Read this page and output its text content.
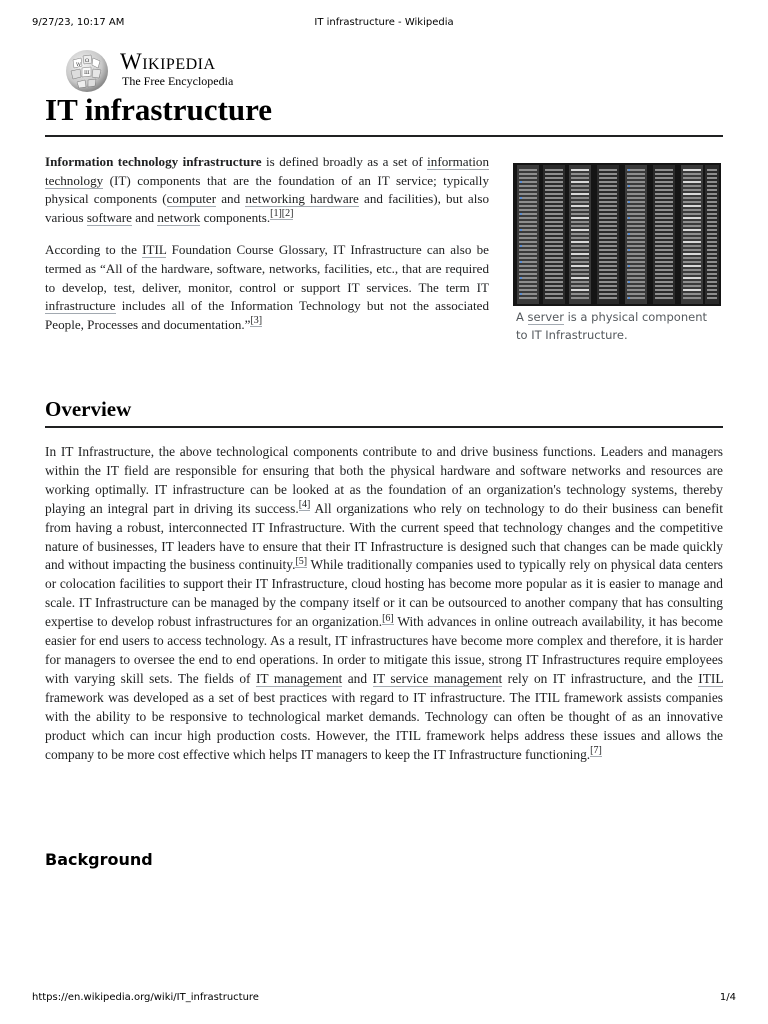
9/27/23, 10:17 AM	IT infrastructure - Wikipedia
W
Ω
Ш Wikipedia
The Free Encyclopedia
IT infrastructure

Information technology infrastructure is defined broadly as a set of information technology (IT) components that are the foundation of an IT service; typically physical components (computer and networking hardware and facilities), but also various software and network components.[1][2]

According to the ITIL Foundation Course Glossary, IT Infrastructure can also be termed as “All of the hardware, software, networks, facilities, etc., that are required to develop, test, deliver, monitor, control or support IT services. The term IT infrastructure includes all of the Information Technology but not the associated People, Processes and documentation.”[3]	A server is a physical component to IT Infrastructure.
Overview

In IT Infrastructure, the above technological components contribute to and drive business functions. Leaders and managers within the IT field are responsible for ensuring that both the physical hardware and software networks and resources are working optimally. IT infrastructure can be looked at as the foundation of an organization's technology systems, thereby playing an integral part in driving its success.[4] All organizations who rely on technology to do their business can benefit from having a robust, interconnected IT Infrastructure. With the current speed that technology changes and the competitive nature of businesses, IT leaders have to ensure that their IT Infrastructure is designed such that changes can be made quickly and without impacting the business continuity.[5] While traditionally companies used to typically rely on physical data centers or colocation facilities to support their IT Infrastructure, cloud hosting has become more popular as it is easier to manage and scale. IT Infrastructure can be managed by the company itself or it can be outsourced to another company that has consulting expertise to develop robust infrastructures for an organization.[6] With advances in online outreach availability, it has become easier for end users to access technology. As a result, IT infrastructures have become more complex and therefore, it is harder for managers to oversee the end to end operations. In order to mitigate this issue, strong IT Infrastructures require employees with varying skill sets. The fields of IT management and IT service management rely on IT infrastructure, and the ITIL framework was developed as a set of best practices with regard to IT infrastructure. The ITIL framework assists companies with the ability to be responsive to technological market demands. Technology can often be thought of as an innovative product which can incur high production costs. However, the ITIL framework helps address these issues and allows the company to be more cost effective which helps IT managers to keep the IT Infrastructure functioning.[7]

Background
https://en.wikipedia.org/wiki/IT_infrastructure	1/4
